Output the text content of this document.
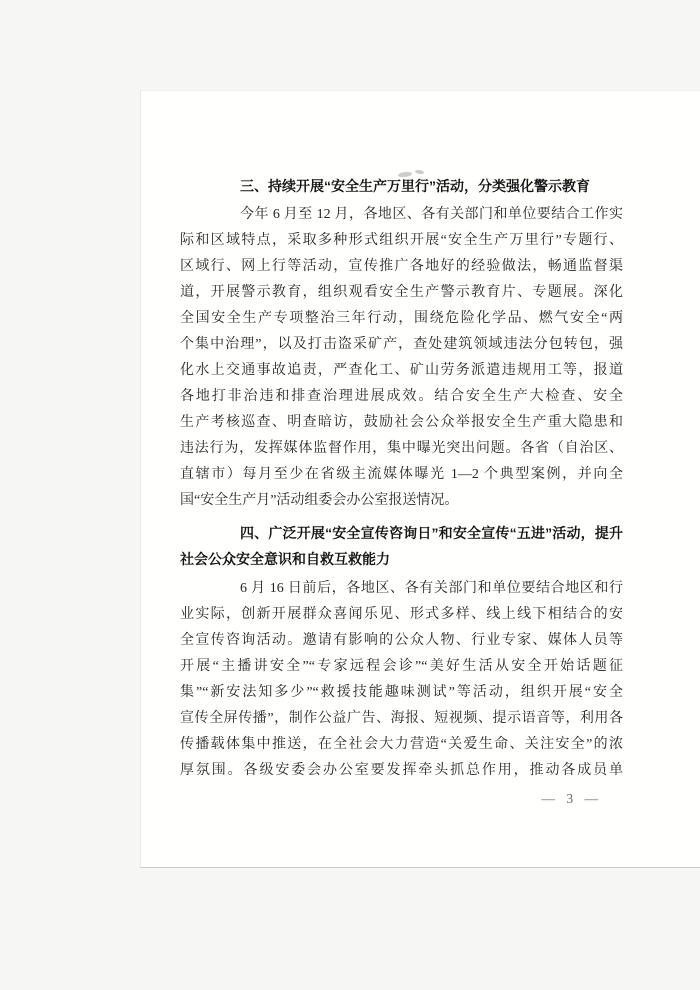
三、持续开展“安全生产万里行”活动，分类强化警示教育
今年 6 月至 12 月，各地区、各有关部门和单位要结合工作实
际和区域特点，采取多种形式组织开展“安全生产万里行”专题行、
区域行、网上行等活动，宣传推广各地好的经验做法，畅通监督渠
道，开展警示教育，组织观看安全生产警示教育片、专题展。深化
全国安全生产专项整治三年行动，围绕危险化学品、燃气安全“两
个集中治理”，以及打击盗采矿产，查处建筑领域违法分包转包，强
化水上交通事故追责，严查化工、矿山劳务派遣违规用工等，报道
各地打非治违和排查治理进展成效。结合安全生产大检查、安全
生产考核巡查、明查暗访，鼓励社会公众举报安全生产重大隐患和
违法行为，发挥媒体监督作用，集中曝光突出问题。各省（自治区、
直辖市）每月至少在省级主流媒体曝光 1—2 个典型案例，并向全
国“安全生产月”活动组委会办公室报送情况。
四、广泛开展“安全宣传咨询日”和安全宣传“五进”活动，提升
社会公众安全意识和自救互救能力
6 月 16 日前后，各地区、各有关部门和单位要结合地区和行
业实际，创新开展群众喜闻乐见、形式多样、线上线下相结合的安
全宣传咨询活动。邀请有影响的公众人物、行业专家、媒体人员等
开展“主播讲安全”“专家远程会诊”“美好生活从安全开始话题征
集”“新安法知多少”“救援技能趣味测试”等活动，组织开展“安全
宣传全屏传播”，制作公益广告、海报、短视频、提示语音等，利用各
传播载体集中推送，在全社会大力营造“关爱生命、关注安全”的浓
厚氛围。各级安委会办公室要发挥牵头抓总作用，推动各成员单
— 3 —
